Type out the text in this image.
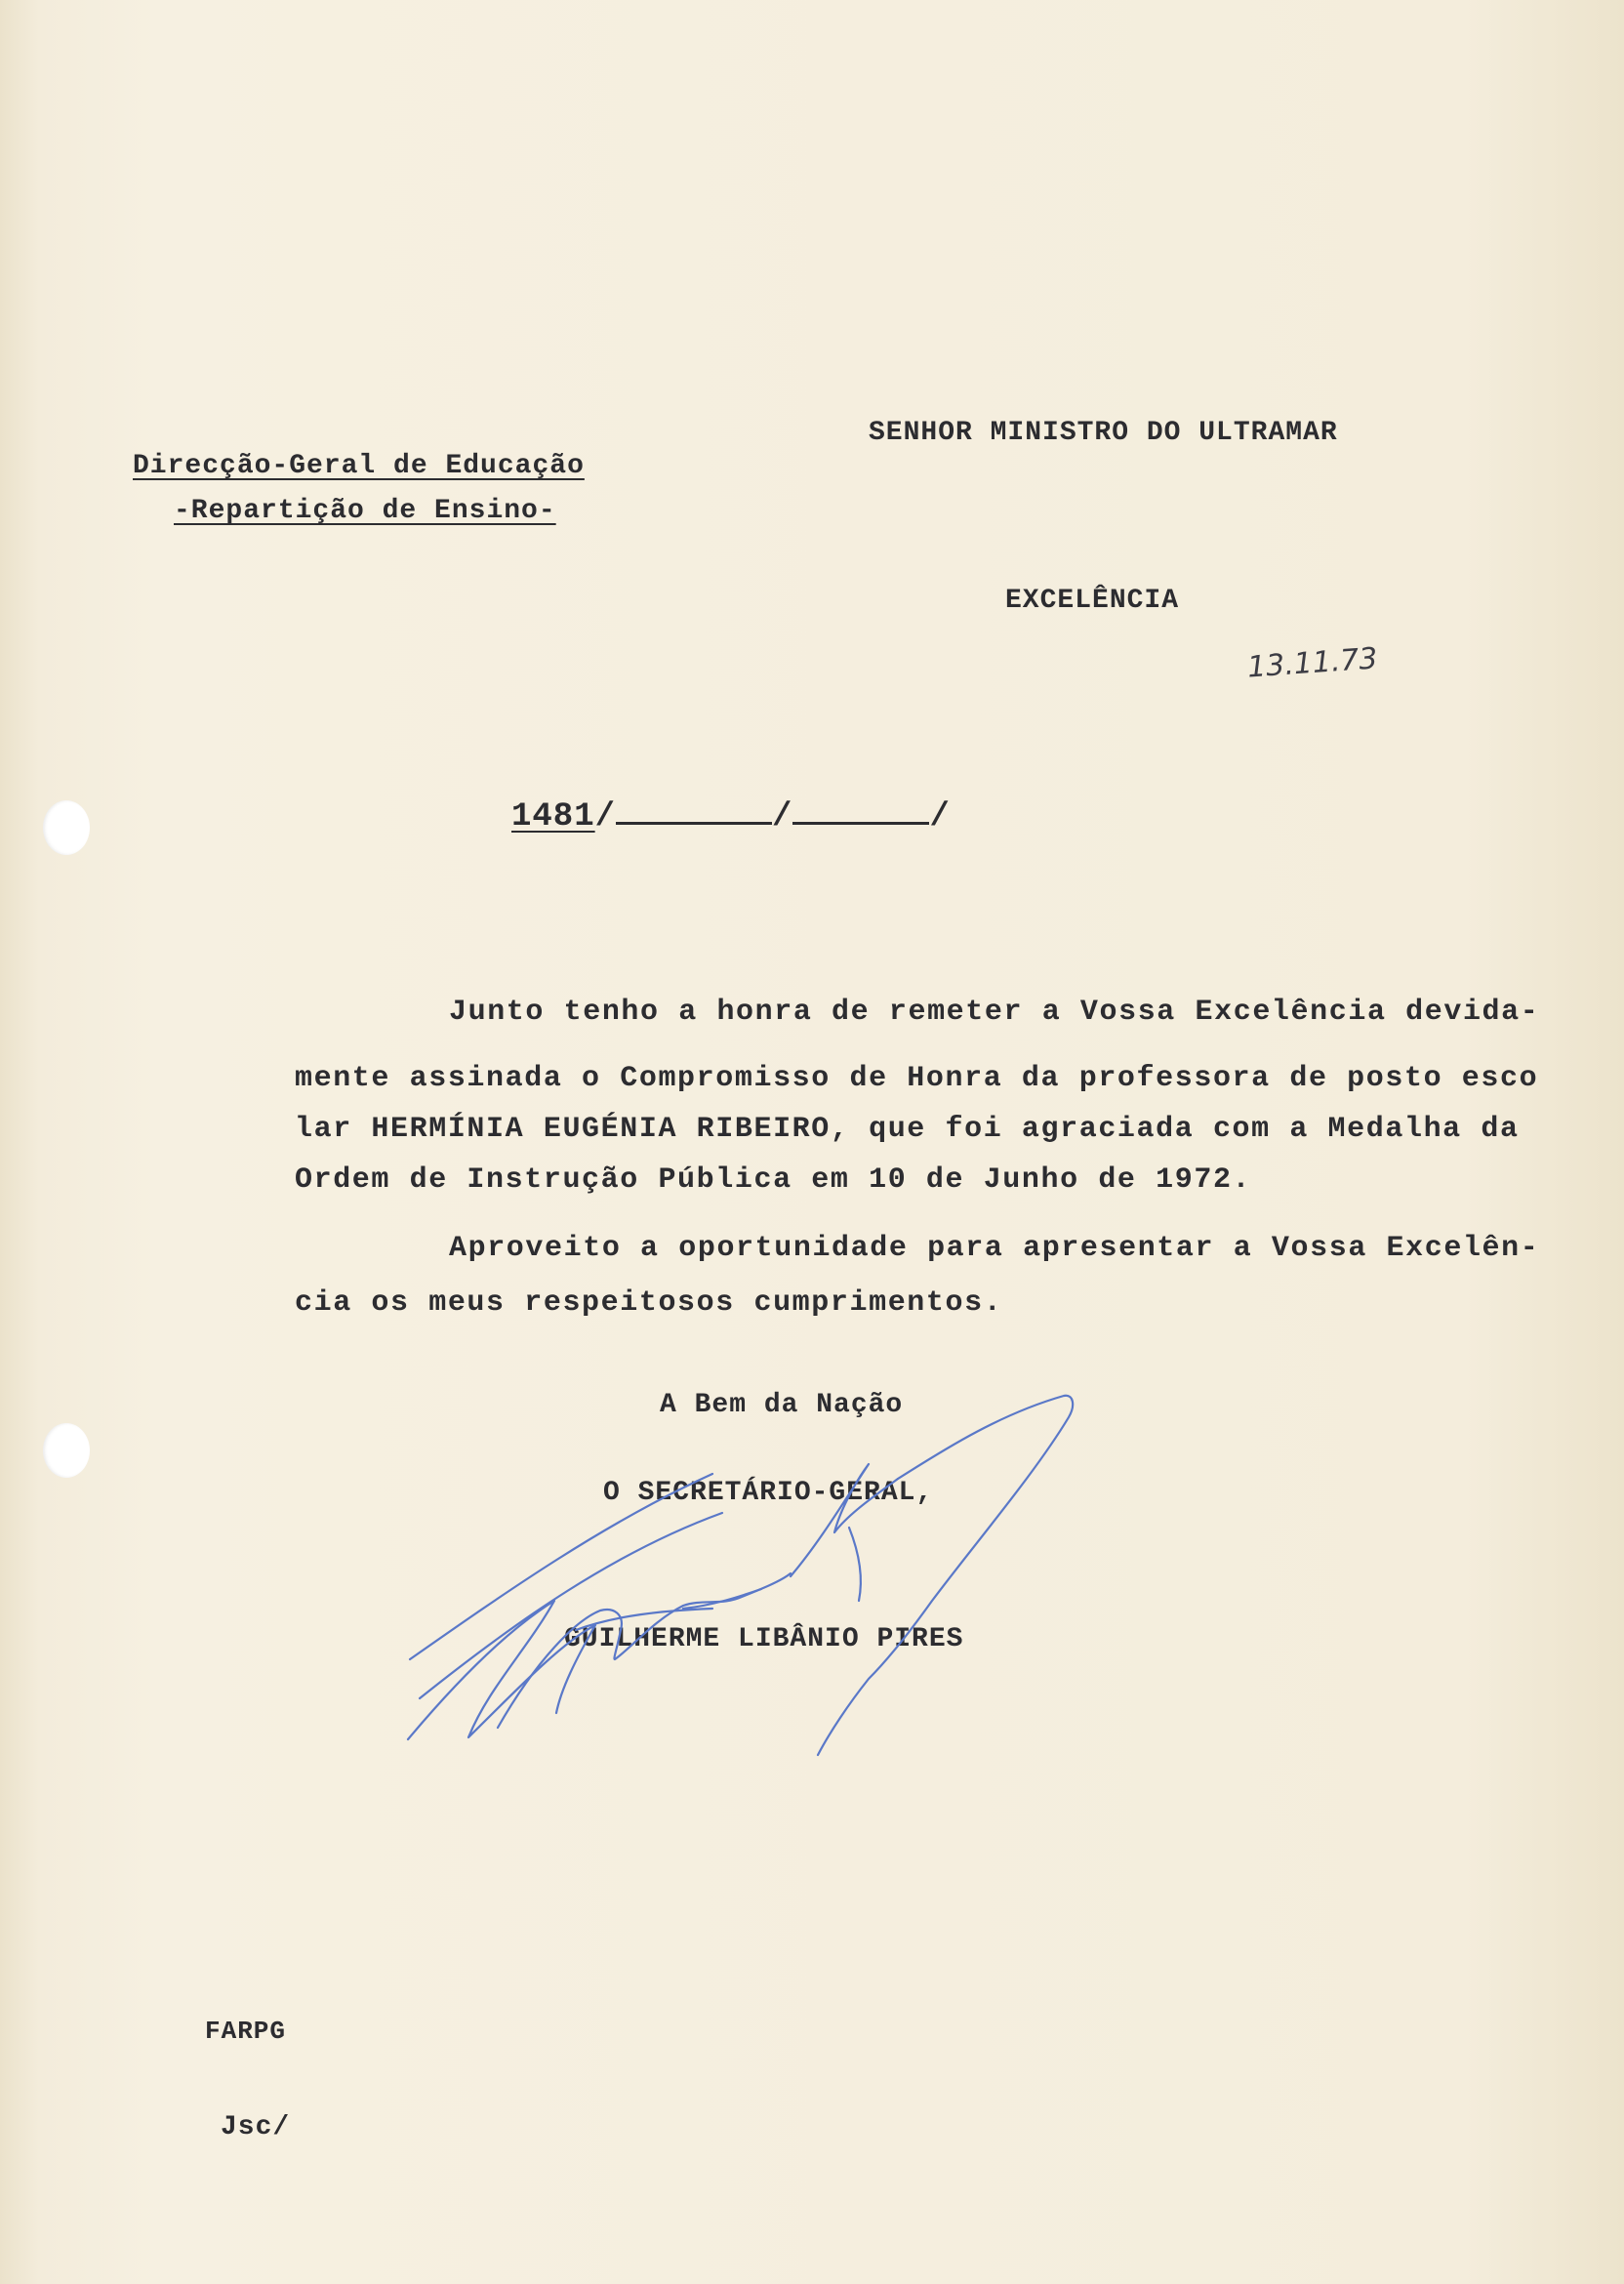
Direcção-Geral de Educação
-Repartição de Ensino-
SENHOR MINISTRO DO ULTRAMAR
EXCELÊNCIA
13.11.73
1481/	/	/
Junto tenho a honra de remeter a Vossa Excelência devida-
mente assinada o Compromisso de Honra da professora de posto esco
lar HERMÍNIA EUGÉNIA RIBEIRO, que foi agraciada com a Medalha da
Ordem de Instrução Pública em 10 de Junho de 1972.
Aproveito a oportunidade para apresentar a Vossa Excelên-
cia os meus respeitosos cumprimentos.
A Bem da Nação
O SECRETÁRIO-GERAL,
GUILHERME LIBÂNIO PIRES
FARPG
Jsc/
